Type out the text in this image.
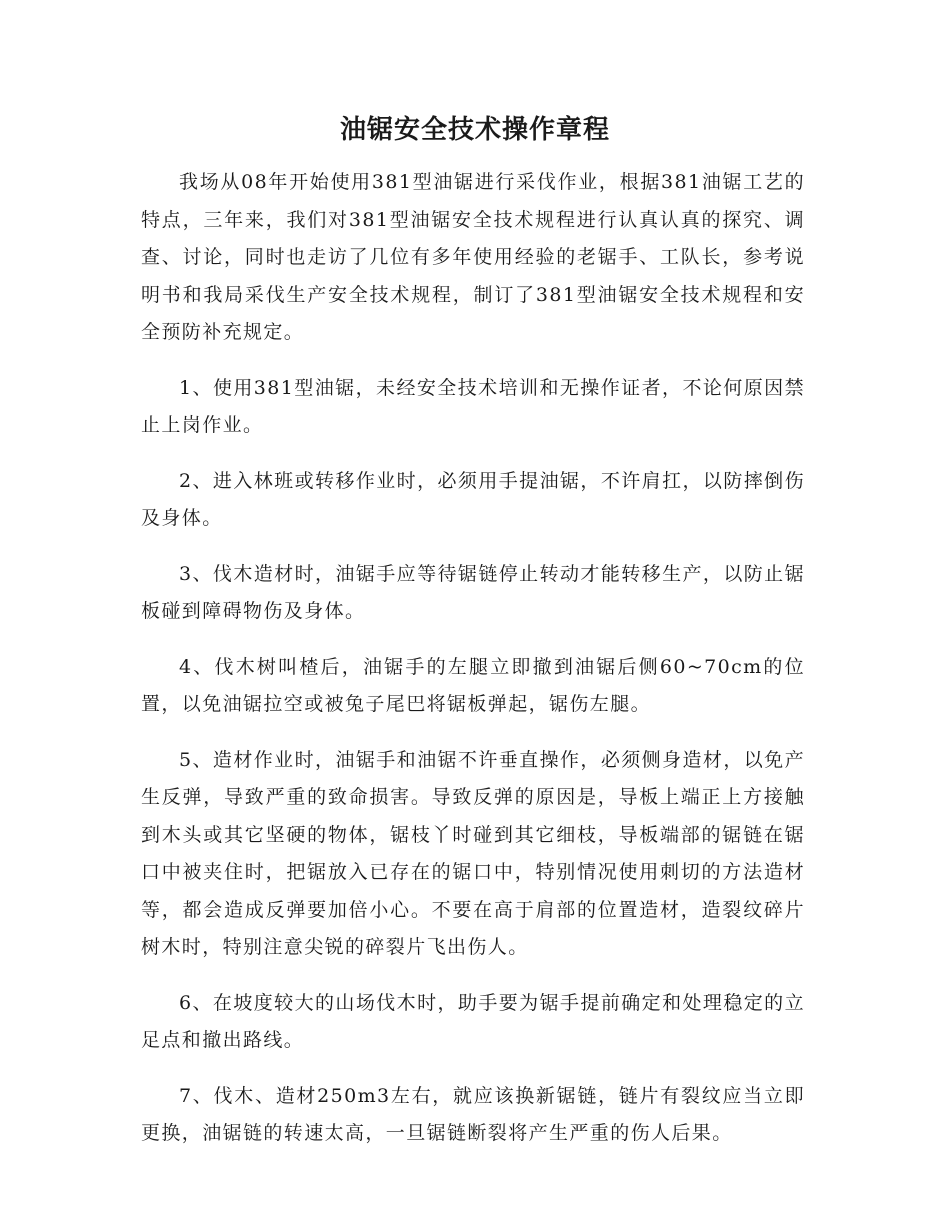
油锯安全技术操作章程

我场从08年开始使用381型油锯进行采伐作业，根据381油锯工艺的特点，三年来，我们对381型油锯安全技术规程进行认真认真的探究、调查、讨论，同时也走访了几位有多年使用经验的老锯手、工队长，参考说明书和我局采伐生产安全技术规程，制订了381型油锯安全技术规程和安全预防补充规定。

1、使用381型油锯，未经安全技术培训和无操作证者，不论何原因禁止上岗作业。

2、进入林班或转移作业时，必须用手提油锯，不许肩扛，以防摔倒伤及身体。

3、伐木造材时，油锯手应等待锯链停止转动才能转移生产，以防止锯板碰到障碍物伤及身体。

4、伐木树叫楂后，油锯手的左腿立即撤到油锯后侧60~70cm的位置，以免油锯拉空或被兔子尾巴将锯板弹起，锯伤左腿。

5、造材作业时，油锯手和油锯不许垂直操作，必须侧身造材，以免产生反弹，导致严重的致命损害。导致反弹的原因是，导板上端正上方接触到木头或其它坚硬的物体，锯枝丫时碰到其它细枝，导板端部的锯链在锯口中被夹住时，把锯放入已存在的锯口中，特别情况使用刺切的方法造材等，都会造成反弹要加倍小心。不要在高于肩部的位置造材，造裂纹碎片树木时，特别注意尖锐的碎裂片飞出伤人。

6、在坡度较大的山场伐木时，助手要为锯手提前确定和处理稳定的立足点和撤出路线。

7、伐木、造材250m3左右，就应该换新锯链，链片有裂纹应当立即更换，油锯链的转速太高，一旦锯链断裂将产生严重的伤人后果。
